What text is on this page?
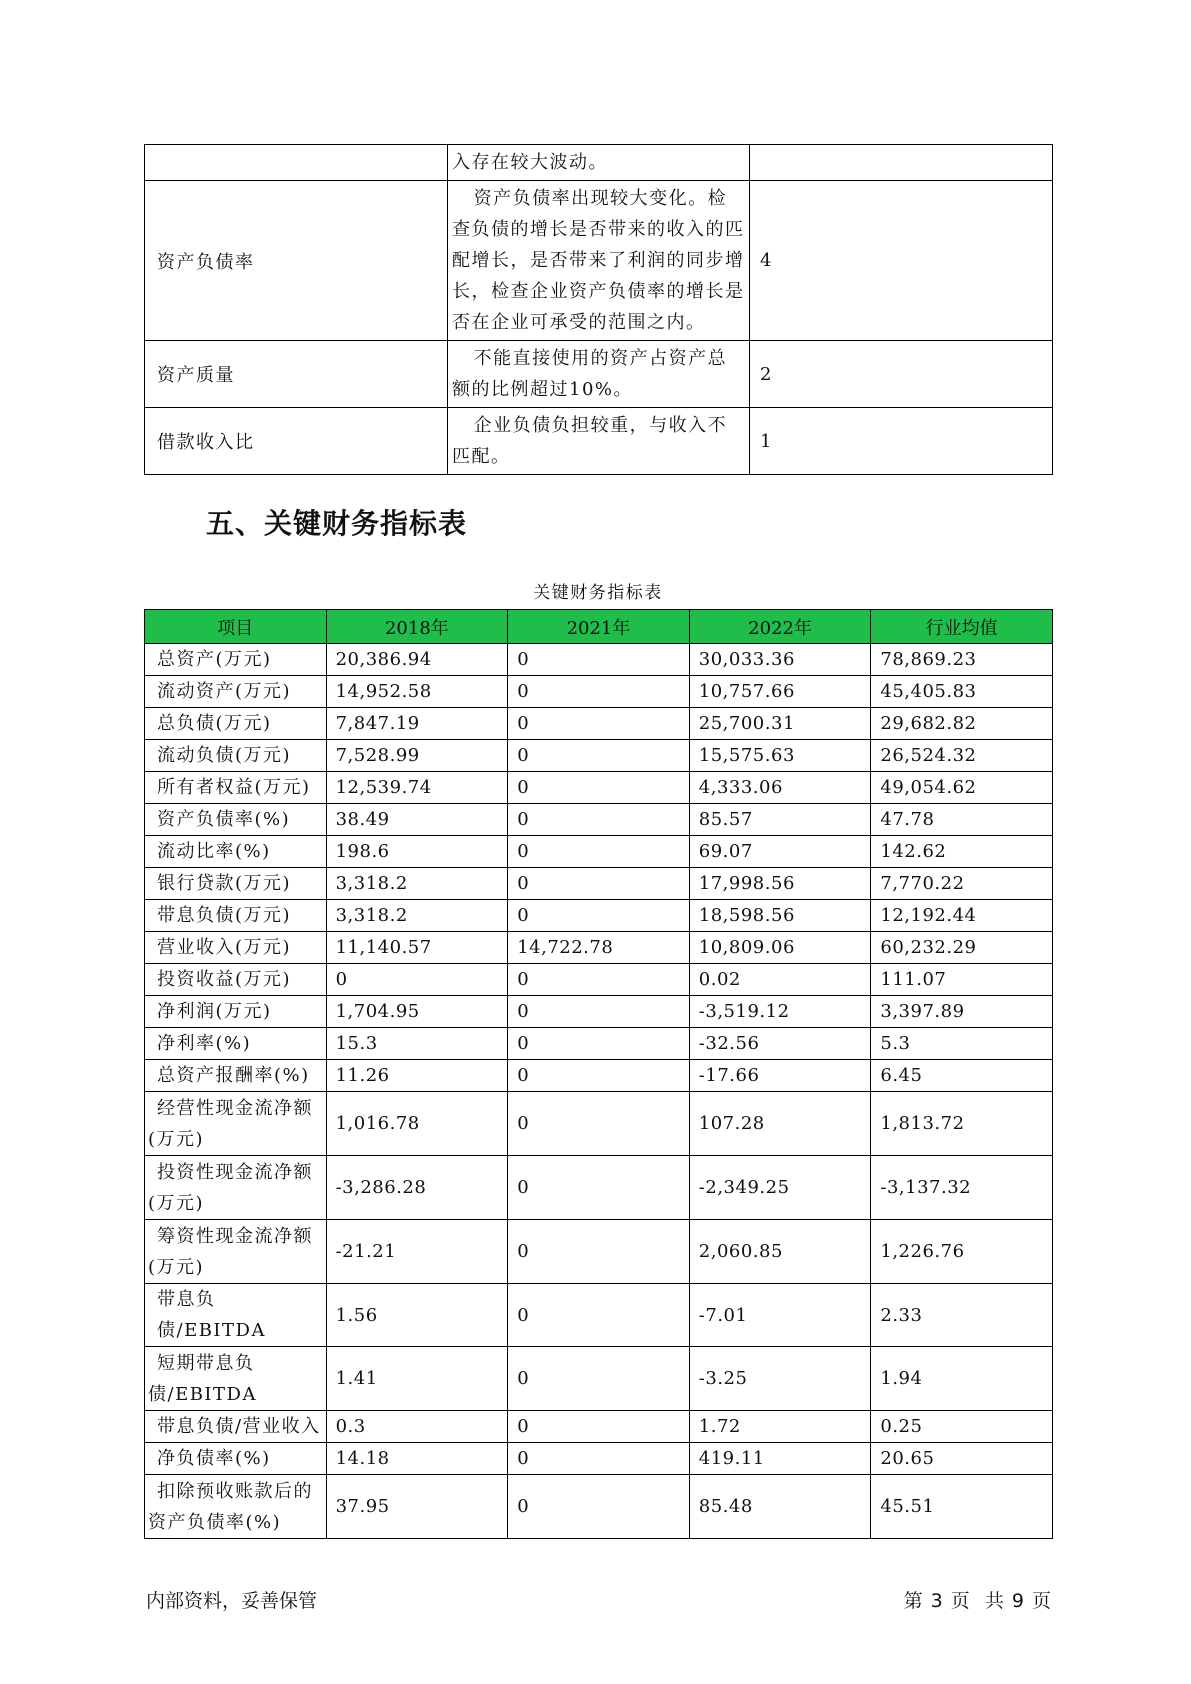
	入存在较大波动。	
资产负债率	资产负债率出现较大变化。检查负债的增长是否带来的收入的匹配增长，是否带来了利润的同步增长，检查企业资产负债率的增长是否在企业可承受的范围之内。	4
资产质量	不能直接使用的资产占资产总额的比例超过10%。	2
借款收入比	企业负债负担较重，与收入不匹配。	1
五、关键财务指标表
关键财务指标表
项目	2018年	2021年	2022年	行业均值
总资产(万元)	20,386.94	0	30,033.36	78,869.23
流动资产(万元)	14,952.58	0	10,757.66	45,405.83
总负债(万元)	7,847.19	0	25,700.31	29,682.82
流动负债(万元)	7,528.99	0	15,575.63	26,524.32
所有者权益(万元)	12,539.74	0	4,333.06	49,054.62
资产负债率(%)	38.49	0	85.57	47.78
流动比率(%)	198.6	0	69.07	142.62
银行贷款(万元)	3,318.2	0	17,998.56	7,770.22
带息负债(万元)	3,318.2	0	18,598.56	12,192.44
营业收入(万元)	11,140.57	14,722.78	10,809.06	60,232.29
投资收益(万元)	0	0	0.02	111.07
净利润(万元)	1,704.95	0	-3,519.12	3,397.89
净利率(%)	15.3	0	-32.56	5.3
总资产报酬率(%)	11.26	0	-17.66	6.45
经营性现金流净额(万元)	1,016.78	0	107.28	1,813.72
投资性现金流净额(万元)	-3,286.28	0	-2,349.25	-3,137.32
筹资性现金流净额(万元)	-21.21	0	2,060.85	1,226.76
带息负债/EBITDA	1.56	0	-7.01	2.33
短期带息负债/EBITDA	1.41	0	-3.25	1.94
带息负债/营业收入	0.3	0	1.72	0.25
净负债率(%)	14.18	0	419.11	20.65
扣除预收账款后的资产负债率(%)	37.95	0	85.48	45.51
内部资料，妥善保管	第 3 页  共 9 页
